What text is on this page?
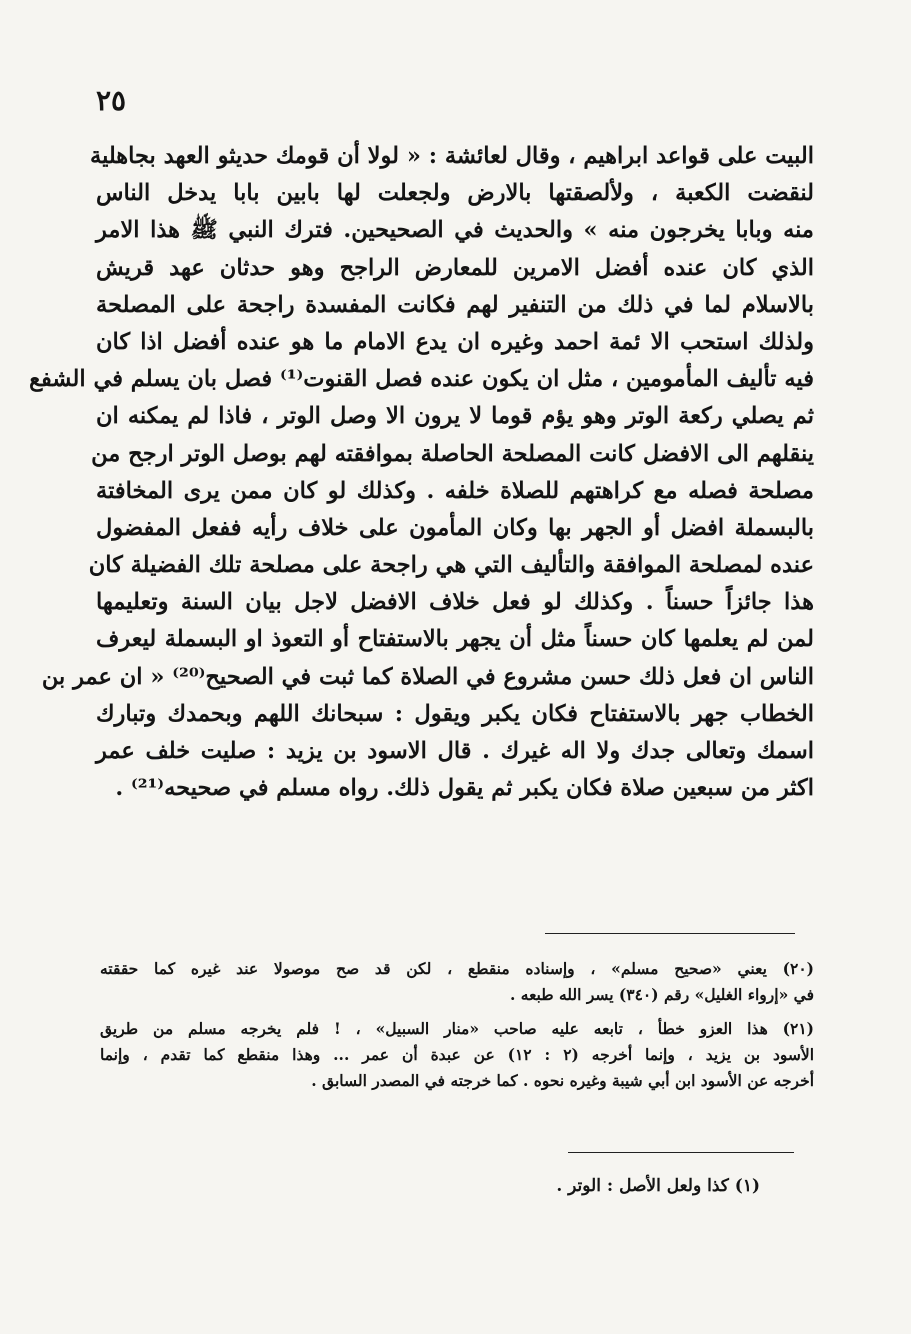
٢٥
البيت على قواعد ابراهيم ، وقال لعائشة : « لولا أن قومك حديثو العهد بجاهلية
لنقضت الكعبة ، ولألصقتها بالارض ولجعلت لها بابين بابا يدخل الناس
منه وبابا يخرجون منه » والحديث في الصحيحين. فترك النبي ﷺ هذا الامر
الذي كان عنده أفضل الامرين للمعارض الراجح وهو حدثان عهد قريش
بالاسلام لما في ذلك من التنفير لهم فكانت المفسدة راجحة على المصلحة
ولذلك استحب الا ئمة احمد وغيره ان يدع الامام ما هو عنده أفضل اذا كان
فيه تأليف المأمومين ، مثل ان يكون عنده فصل القنوت⁽¹⁾ فصل بان يسلم في الشفع
ثم يصلي ركعة الوتر وهو يؤم قوما لا يرون الا وصل الوتر ، فاذا لم يمكنه ان
ينقلهم الى الافضل كانت المصلحة الحاصلة بموافقته لهم بوصل الوتر ارجح من
مصلحة فصله مع كراهتهم للصلاة خلفه . وكذلك لو كان ممن يرى المخافتة
بالبسملة افضل أو الجهر بها وكان المأمون على خلاف رأيه ففعل المفضول
عنده لمصلحة الموافقة والتأليف التي هي راجحة على مصلحة تلك الفضيلة كان
هذا جائزاً حسناً . وكذلك لو فعل خلاف الافضل لاجل بيان السنة وتعليمها
لمن لم يعلمها كان حسناً مثل أن يجهر بالاستفتاح أو التعوذ او البسملة ليعرف
الناس ان فعل ذلك حسن مشروع في الصلاة كما ثبت في الصحيح⁽²⁰⁾ « ان عمر بن
الخطاب جهر بالاستفتاح فكان يكبر ويقول : سبحانك اللهم وبحمدك وتبارك
اسمك وتعالى جدك ولا اله غيرك . قال الاسود بن يزيد : صليت خلف عمر
اكثر من سبعين صلاة فكان يكبر ثم يقول ذلك. رواه مسلم في صحيحه⁽²¹⁾ .
(٢٠) يعني «صحيح مسلم» ، وإسناده منقطع ، لكن قد صح موصولا عند غيره كما حققته
في «إرواء الغليل» رقم (٣٤٠) يسر الله طبعه .
(٢١) هذا العزو خطأ ، تابعه عليه صاحب «منار السبيل» ، ! فلم يخرجه مسلم من طريق
الأسود بن يزيد ، وإنما أخرجه (٢ : ١٢) عن عبدة أن عمر ... وهذا منقطع كما تقدم ، وإنما
أخرجه عن الأسود ابن أبي شيبة وغيره نحوه . كما خرجته في المصدر السابق .
(١) كذا ولعل الأصل : الوتر .
